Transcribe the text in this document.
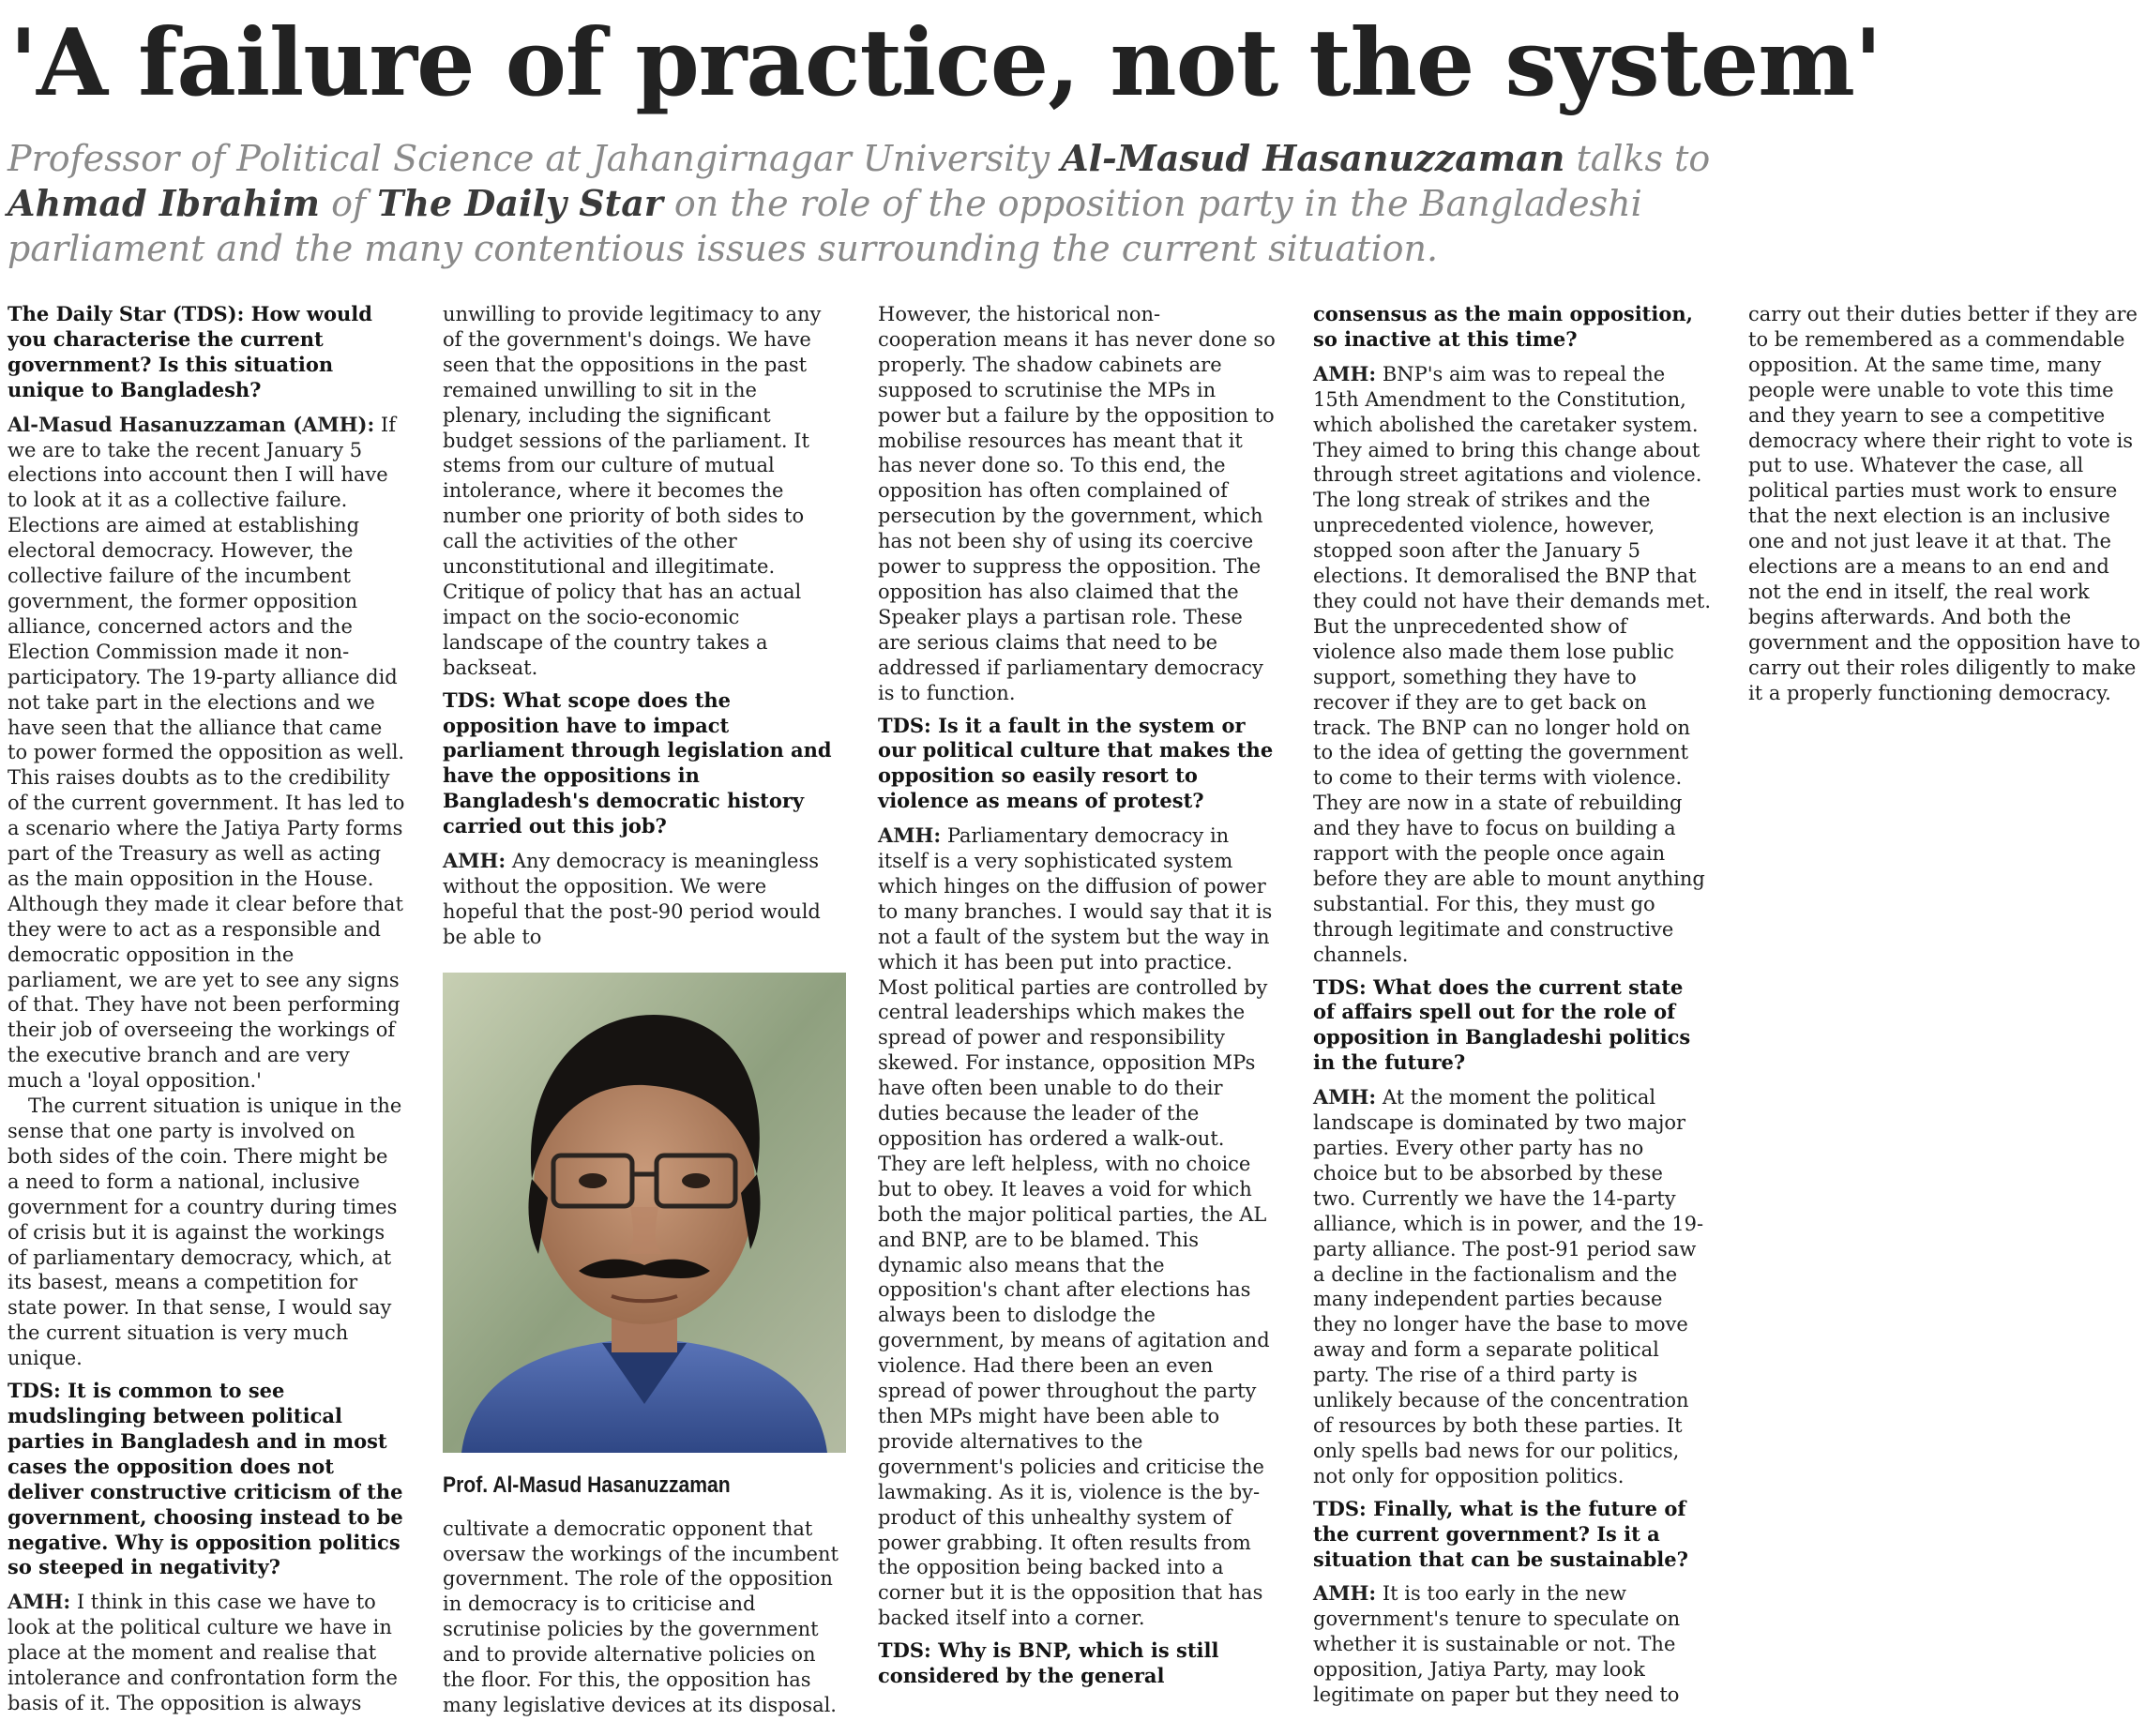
'A failure of practice, not the system'

Professor of Political Science at Jahangirnagar University Al-Masud Hasanuzzaman talks to Ahmad Ibrahim of The Daily Star on the role of the opposition party in the Bangladeshi parliament and the many contentious issues surrounding the current situation.

The Daily Star (TDS): How would you characterise the current government? Is this situation unique to Bangladesh?

Al-Masud Hasanuzzaman (AMH): If we are to take the recent January 5 elections into account then I will have to look at it as a collective failure. Elections are aimed at establishing electoral democracy. However, the collective failure of the incumbent government, the former opposition alliance, concerned actors and the Election Commission made it non-participatory. The 19-party alliance did not take part in the elections and we have seen that the alliance that came to power formed the opposition as well. This raises doubts as to the credibility of the current government. It has led to a scenario where the Jatiya Party forms part of the Treasury as well as acting as the main opposition in the House. Although they made it clear before that they were to act as a responsible and democratic opposition in the parliament, we are yet to see any signs of that. They have not been performing their job of overseeing the workings of the executive branch and are very much a 'loyal opposition.'

The current situation is unique in the sense that one party is involved on both sides of the coin. There might be a need to form a national, inclusive government for a country during times of crisis but it is against the workings of parliamentary democracy, which, at its basest, means a competition for state power. In that sense, I would say the current situation is very much unique.

TDS: It is common to see mudslinging between political parties in Bangladesh and in most cases the opposition does not deliver constructive criticism of the government, choosing instead to be negative. Why is opposition politics so steeped in negativity?

AMH: I think in this case we have to look at the political culture we have in place at the moment and realise that intolerance and confrontation form the basis of it. The opposition is always unwilling to provide legitimacy to any of the government's doings. We have seen that the oppositions in the past remained unwilling to sit in the plenary, including the significant budget sessions of the parliament. It stems from our culture of mutual intolerance, where it becomes the number one priority of both sides to call the activities of the other unconstitutional and illegitimate. Critique of policy that has an actual impact on the socio-economic landscape of the country takes a backseat.

TDS: What scope does the opposition have to impact parliament through legislation and have the oppositions in Bangladesh's democratic history carried out this job?

AMH: Any democracy is meaningless without the opposition. We were hopeful that the post-90 period would be able to

Prof. Al-Masud Hasanuzzaman

cultivate a democratic opponent that oversaw the workings of the incumbent government. The role of the opposition in democracy is to criticise and scrutinise policies by the government and to provide alternative policies on the floor. For this, the opposition has many legislative devices at its disposal. However, the historical non-cooperation means it has never done so properly. The shadow cabinets are supposed to scrutinise the MPs in power but a failure by the opposition to mobilise resources has meant that it has never done so. To this end, the opposition has often complained of persecution by the government, which has not been shy of using its coercive power to suppress the opposition. The opposition has also claimed that the Speaker plays a partisan role. These are serious claims that need to be addressed if parliamentary democracy is to function.

TDS: Is it a fault in the system or our political culture that makes the opposition so easily resort to violence as means of protest?

AMH: Parliamentary democracy in itself is a very sophisticated system which hinges on the diffusion of power to many branches. I would say that it is not a fault of the system but the way in which it has been put into practice. Most political parties are controlled by central leaderships which makes the spread of power and responsibility skewed. For instance, opposition MPs have often been unable to do their duties because the leader of the opposition has ordered a walk-out. They are left helpless, with no choice but to obey. It leaves a void for which both the major political parties, the AL and BNP, are to be blamed. This dynamic also means that the opposition's chant after elections has always been to dislodge the government, by means of agitation and violence. Had there been an even spread of power throughout the party then MPs might have been able to provide alternatives to the government's policies and criticise the lawmaking. As it is, violence is the by-product of this unhealthy system of power grabbing. It often results from the opposition being backed into a corner but it is the opposition that has backed itself into a corner.

TDS: Why is BNP, which is still considered by the general consensus as the main opposition, so inactive at this time?

AMH: BNP's aim was to repeal the 15th Amendment to the Constitution, which abolished the caretaker system. They aimed to bring this change about through street agitations and violence. The long streak of strikes and the unprecedented violence, however, stopped soon after the January 5 elections. It demoralised the BNP that they could not have their demands met. But the unprecedented show of violence also made them lose public support, something they have to recover if they are to get back on track. The BNP can no longer hold on to the idea of getting the government to come to their terms with violence. They are now in a state of rebuilding and they have to focus on building a rapport with the people once again before they are able to mount anything substantial. For this, they must go through legitimate and constructive channels.

TDS: What does the current state of affairs spell out for the role of opposition in Bangladeshi politics in the future?

AMH: At the moment the political landscape is dominated by two major parties. Every other party has no choice but to be absorbed by these two. Currently we have the 14-party alliance, which is in power, and the 19-party alliance. The post-91 period saw a decline in the factionalism and the many independent parties because they no longer have the base to move away and form a separate political party. The rise of a third party is unlikely because of the concentration of resources by both these parties. It only spells bad news for our politics, not only for opposition politics.

TDS: Finally, what is the future of the current government? Is it a situation that can be sustainable?

AMH: It is too early in the new government's tenure to speculate on whether it is sustainable or not. The opposition, Jatiya Party, may look legitimate on paper but they need to carry out their duties better if they are to be remembered as a commendable opposition. At the same time, many people were unable to vote this time and they yearn to see a competitive democracy where their right to vote is put to use. Whatever the case, all political parties must work to ensure that the next election is an inclusive one and not just leave it at that. The elections are a means to an end and not the end in itself, the real work begins afterwards. And both the government and the opposition have to carry out their roles diligently to make it a properly functioning democracy.
